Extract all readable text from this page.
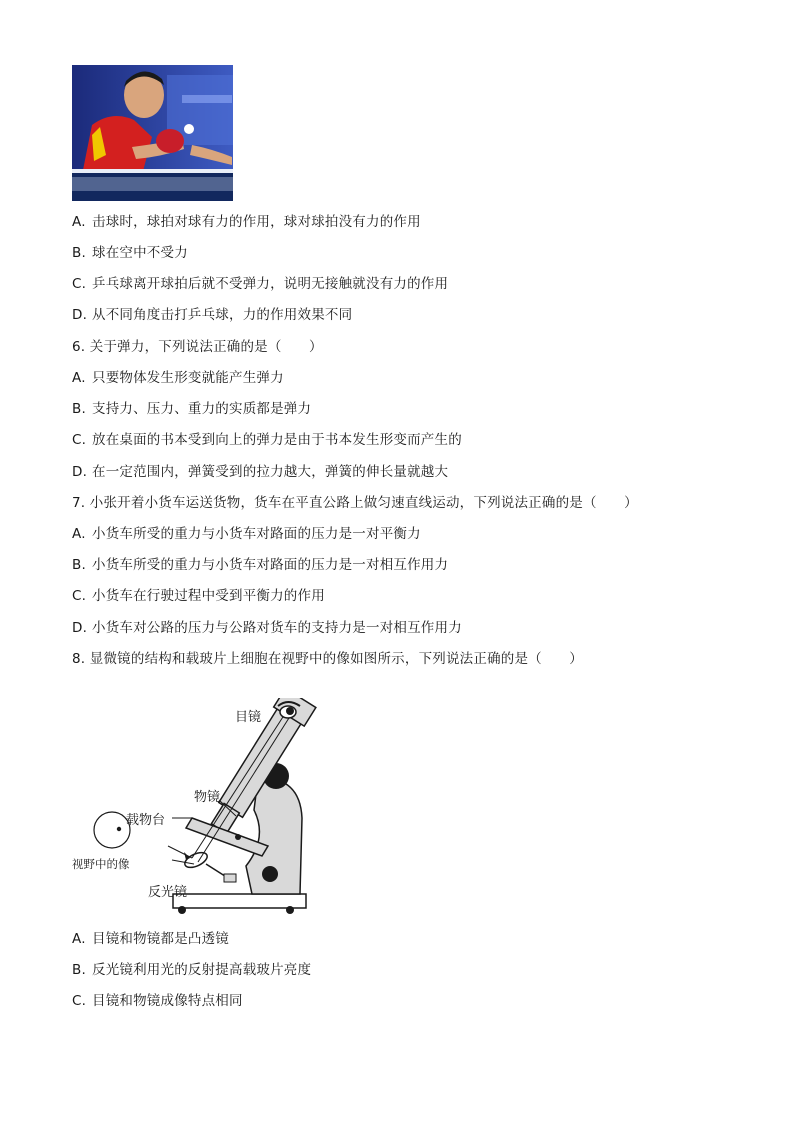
A. 击球时，球拍对球有力的作用，球对球拍没有力的作用
B. 球在空中不受力
C. 乒乓球离开球拍后就不受弹力，说明无接触就没有力的作用
D. 从不同角度击打乒乓球，力的作用效果不同
6. 关于弹力，下列说法正确的是（　　）
A. 只要物体发生形变就能产生弹力
B. 支持力、压力、重力的实质都是弹力
C. 放在桌面的书本受到向上的弹力是由于书本发生形变而产生的
D. 在一定范围内，弹簧受到的拉力越大，弹簧的伸长量就越大
7. 小张开着小货车运送货物，货车在平直公路上做匀速直线运动，下列说法正确的是（　　）
A. 小货车所受的重力与小货车对路面的压力是一对平衡力
B. 小货车所受的重力与小货车对路面的压力是一对相互作用力
C. 小货车在行驶过程中受到平衡力的作用
D. 小货车对公路的压力与公路对货车的支持力是一对相互作用力
8. 显微镜的结构和载玻片上细胞在视野中的像如图所示，下列说法正确的是（　　）
目镜
物镜
载物台
视野中的像
反光镜
A. 目镜和物镜都是凸透镜
B. 反光镜利用光的反射提高载玻片亮度
C. 目镜和物镜成像特点相同
